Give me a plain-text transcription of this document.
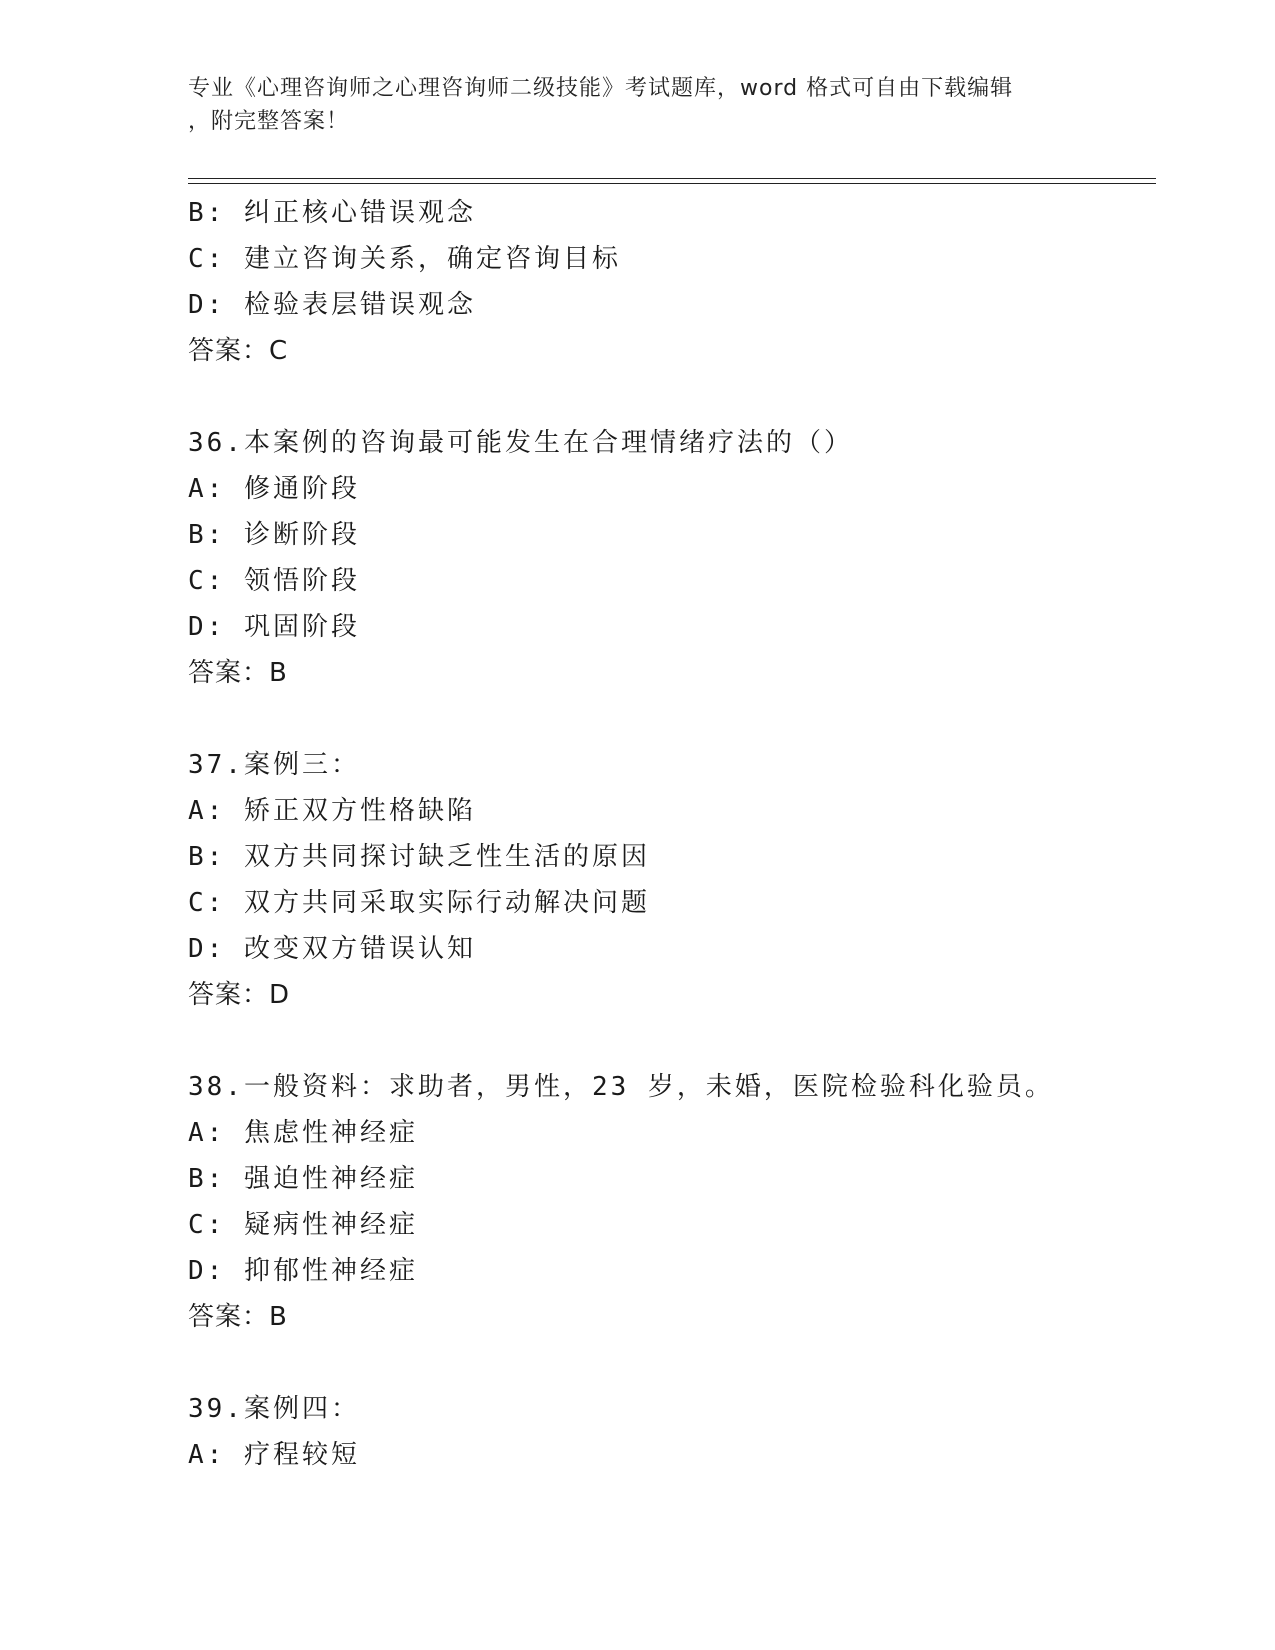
专业《心理咨询师之心理咨询师二级技能》考试题库，word 格式可自由下载编辑
，附完整答案！
B: 纠正核心错误观念
C: 建立咨询关系，确定咨询目标
D: 检验表层错误观念
答案：C
36.本案例的咨询最可能发生在合理情绪疗法的（）
A: 修通阶段
B: 诊断阶段
C: 领悟阶段
D: 巩固阶段
答案：B
37.案例三：
A: 矫正双方性格缺陷
B: 双方共同探讨缺乏性生活的原因
C: 双方共同采取实际行动解决问题
D: 改变双方错误认知
答案：D
38.一般资料：求助者，男性，23 岁，未婚，医院检验科化验员。
A: 焦虑性神经症
B: 强迫性神经症
C: 疑病性神经症
D: 抑郁性神经症
答案：B
39.案例四：
A: 疗程较短
